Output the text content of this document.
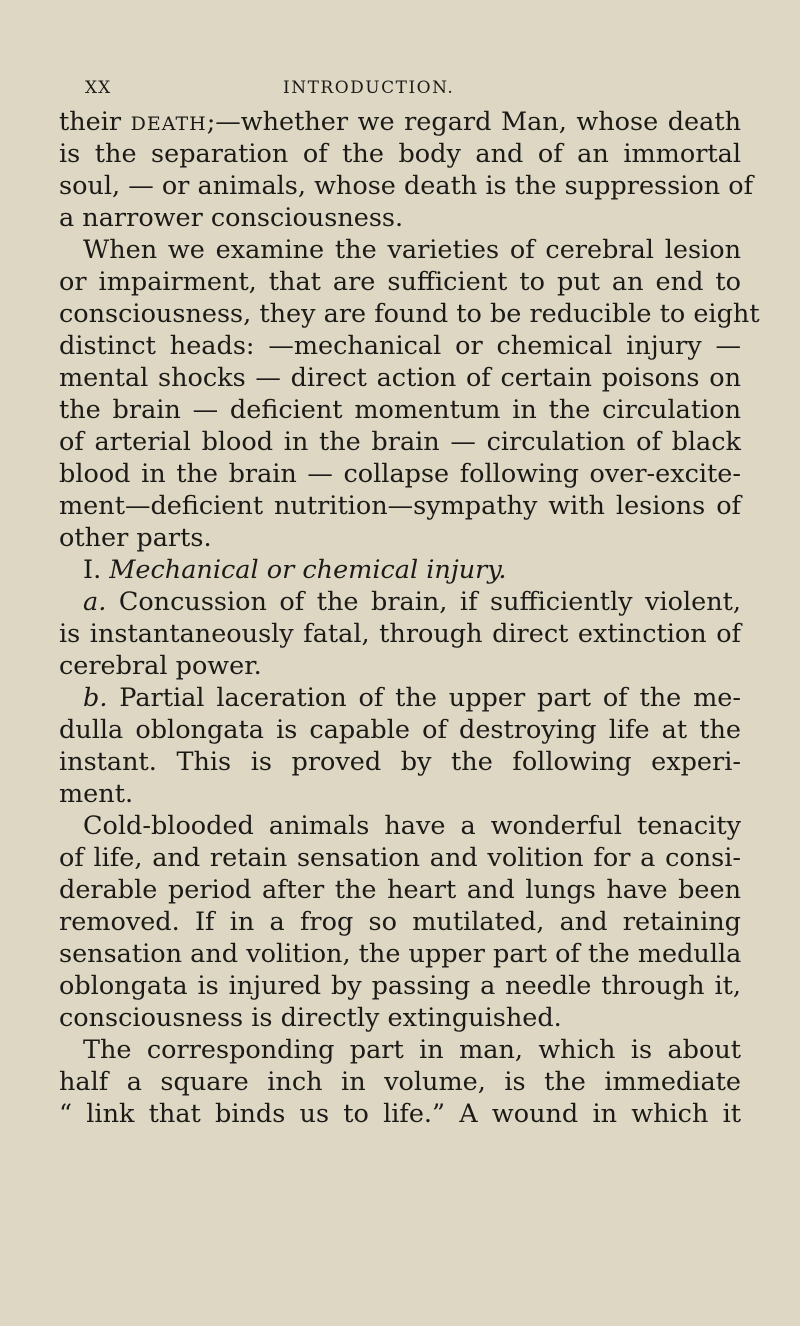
XX	INTRODUCTION.
their DEATH;—whether we regard Man, whose death
is the separation of the body and of an immortal
soul, — or animals, whose death is the suppression of
a narrower consciousness.
When we examine the varieties of cerebral lesion
or impairment, that are sufficient to put an end to
consciousness, they are found to be reducible to eight
distinct heads: —mechanical or chemical injury —
mental shocks — direct action of certain poisons on
the brain — deficient momentum in the circulation
of arterial blood in the brain — circulation of black
blood in the brain — collapse following over-excite-
ment—deficient nutrition—sympathy with lesions of
other parts.
I. Mechanical or chemical injury.
a. Concussion of the brain, if sufficiently violent,
is instantaneously fatal, through direct extinction of
cerebral power.
b. Partial laceration of the upper part of the me-
dulla oblongata is capable of destroying life at the
instant. This is proved by the following experi-
ment.
Cold-blooded animals have a wonderful tenacity
of life, and retain sensation and volition for a consi-
derable period after the heart and lungs have been
removed. If in a frog so mutilated, and retaining
sensation and volition, the upper part of the medulla
oblongata is injured by passing a needle through it,
consciousness is directly extinguished.
The corresponding part in man, which is about
half a square inch in volume, is the immediate
“ link that binds us to life.” A wound in which it
